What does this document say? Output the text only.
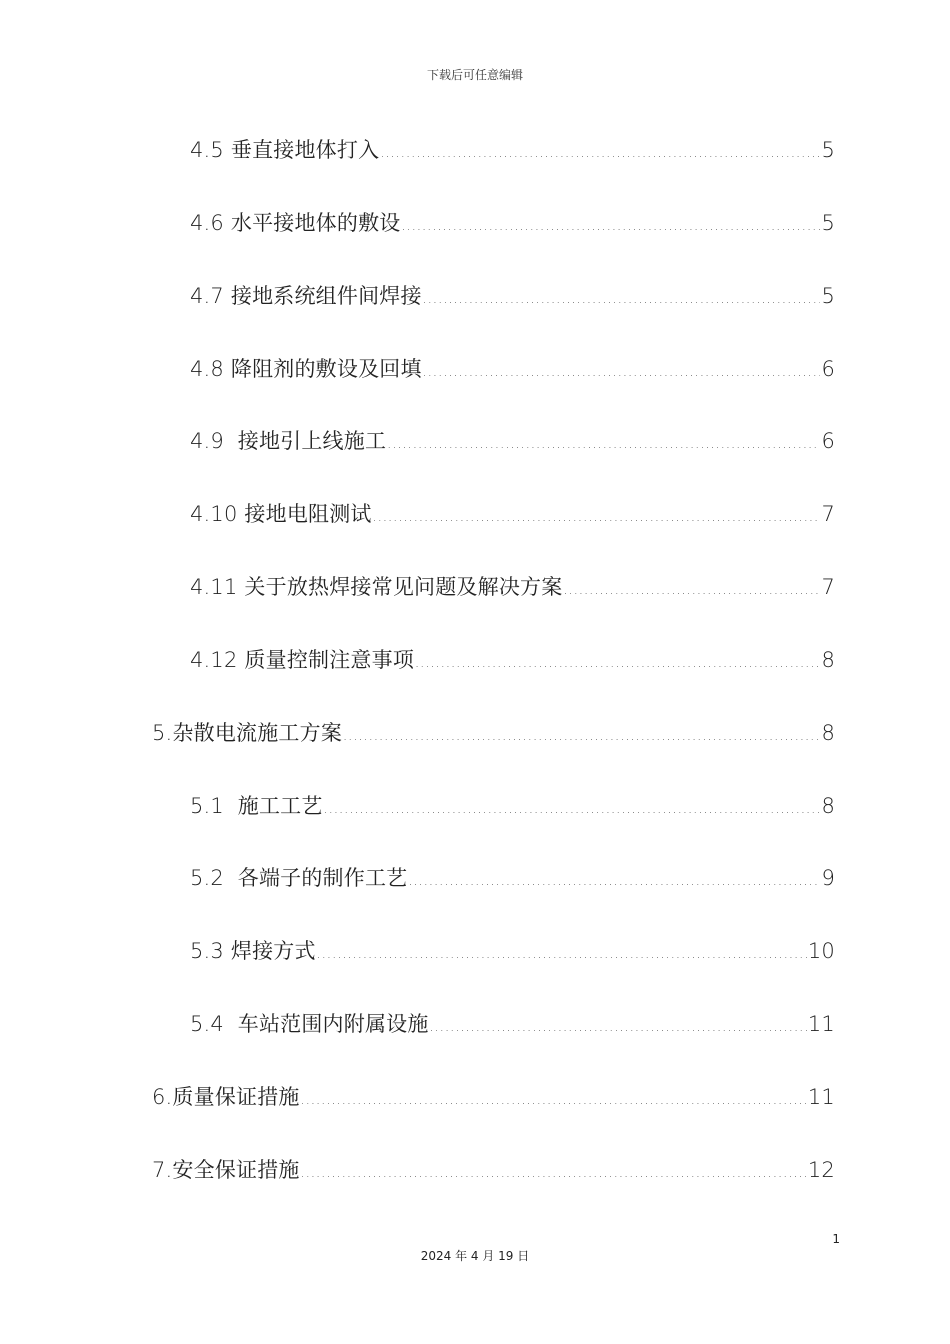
下载后可任意编辑
4.5 垂直接地体打入 .....	5
4.6 水平接地体的敷设 .....	5
4.7 接地系统组件间焊接 .....	5
4.8 降阻剂的敷设及回填 .....	6
4.9  接地引上线施工 .....	6
4.10 接地电阻测试 .....	7
4.11 关于放热焊接常见问题及解决方案 .....	7
4.12 质量控制注意事项 .....	8
5.杂散电流施工方案 .....	8
5.1  施工工艺 .....	8
5.2  各端子的制作工艺 .....	9
5.3 焊接方式 .....	10
5.4  车站范围内附属设施 .....	11
6.质量保证措施 .....	11
7.安全保证措施 .....	12
1
2024 年 4 月 19 日
